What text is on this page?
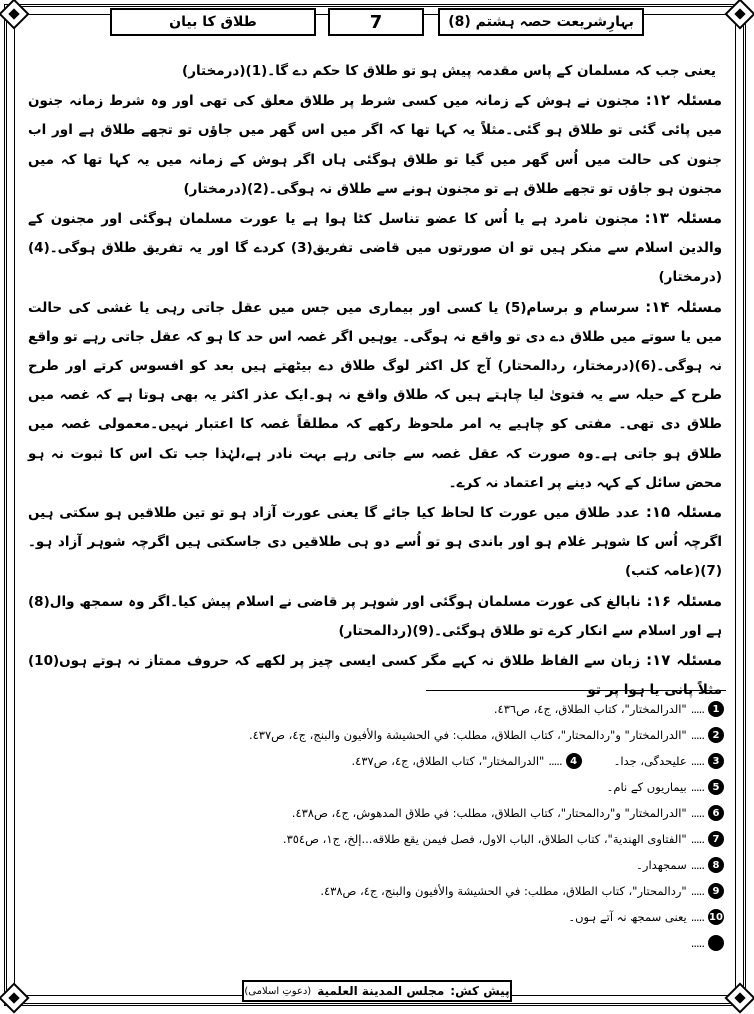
بہارِشریعت حصہ ہشتم (8)
7
طلاق کا بیان

یعنی جب کہ مسلمان کے پاس مقدمہ پیش ہو تو طلاق کا حکم دے گا۔(1)(درمختار)

مسئلہ ۱۲:مجنون نے ہوش کے زمانہ میں کسی شرط پر طلاق معلق کی تھی اور وہ شرط زمانہ جنون میں پائی گئی تو طلاق ہو گئی۔مثلاً یہ کہا تھا کہ اگر میں اس گھر میں جاؤں تو تجھے طلاق ہے اور اب جنون کی حالت میں اُس گھر میں گیا تو طلاق ہوگئی ہاں اگر ہوش کے زمانہ میں یہ کہا تھا کہ میں مجنون ہو جاؤں تو تجھے طلاق ہے تو مجنون ہونے سے طلاق نہ ہوگی۔(2)(درمختار)

مسئلہ ۱۳:مجنون نامرد ہے یا اُس کا عضو تناسل کٹا ہوا ہے یا عورت مسلمان ہوگئی اور مجنون کے والدین اسلام سے منکر ہیں تو ان صورتوں میں قاضی تفریق(3) کردے گا اور یہ تفریق طلاق ہوگی۔(4)(درمختار)

مسئلہ ۱۴:سرسام و برسام(5) یا کسی اور بیماری میں جس میں عقل جاتی رہی یا غشی کی حالت میں یا سوتے میں طلاق دے دی تو واقع نہ ہوگی۔ یوہیں اگر غصہ اس حد کا ہو کہ عقل جاتی رہے تو واقع نہ ہوگی۔(6)(درمختار، ردالمحتار) آج کل اکثر لوگ طلاق دے بیٹھتے ہیں بعد کو افسوس کرتے اور طرح طرح کے حیلہ سے یہ فتویٰ لیا چاہتے ہیں کہ طلاق واقع نہ ہو۔ایک عذر اکثر یہ بھی ہوتا ہے کہ غصہ میں طلاق دی تھی۔ مفتی کو چاہیے یہ امر ملحوظ رکھے کہ مطلقاً غصہ کا اعتبار نہیں۔معمولی غصہ میں طلاق ہو جاتی ہے۔وہ صورت کہ عقل غصہ سے جاتی رہے بہت نادر ہے،لہٰذا جب تک اس کا ثبوت نہ ہو محض سائل کے کہہ دینے پر اعتماد نہ کرے۔

مسئلہ ۱۵:عدد طلاق میں عورت کا لحاظ کیا جائے گا یعنی عورت آزاد ہو تو تین طلاقیں ہو سکتی ہیں اگرچہ اُس کا شوہر غلام ہو اور باندی ہو تو اُسے دو ہی طلاقیں دی جاسکتی ہیں اگرچہ شوہر آزاد ہو۔(7)(عامہ کتب)

مسئلہ ۱۶:نابالغ کی عورت مسلمان ہوگئی اور شوہر پر قاضی نے اسلام پیش کیا۔اگر وہ سمجھ وال(8) ہے اور اسلام سے انکار کرے تو طلاق ہوگئی۔(9)(ردالمحتار)

مسئلہ ۱۷:زبان سے الفاظ طلاق نہ کہے مگر کسی ایسی چیز پر لکھے کہ حروف ممتاز نہ ہوتے ہوں(10) مثلاً پانی یا ہوا پر تو

1
.....
"الدرالمختار"، كتاب الطلاق، ج٤، ص٤٣٦.
2
.....
"الدرالمختار" و"ردالمحتار"، كتاب الطلاق، مطلب: في الحشيشة والأفيون والبنج، ج٤، ص٤٣٧.
3
.....
علیحدگی، جدا۔
4
.....
"الدرالمختار"، كتاب الطلاق، ج٤، ص٤٣٧.
5
.....
بیماریوں کے نام۔
6
.....
"الدرالمختار" و"ردالمحتار"، كتاب الطلاق، مطلب: في طلاق المدهوش، ج٤، ص٤٣٨.
7
.....
"الفتاوى الهندية"، كتاب الطلاق، الباب الاول، فصل فيمن يقع طلاقه...إلخ، ج١، ص٣٥٤.
8
.....
سمجھدار۔
9
.....
"ردالمحتار"، كتاب الطلاق، مطلب: في الحشيشة والأفيون والبنج، ج٤، ص٤٣٨.
10
.....
یعنی سمجھ نہ آتے ہوں۔
.....
پیش کش:
مجلس المدينة العلمية
(دعوتِ اسلامی)
